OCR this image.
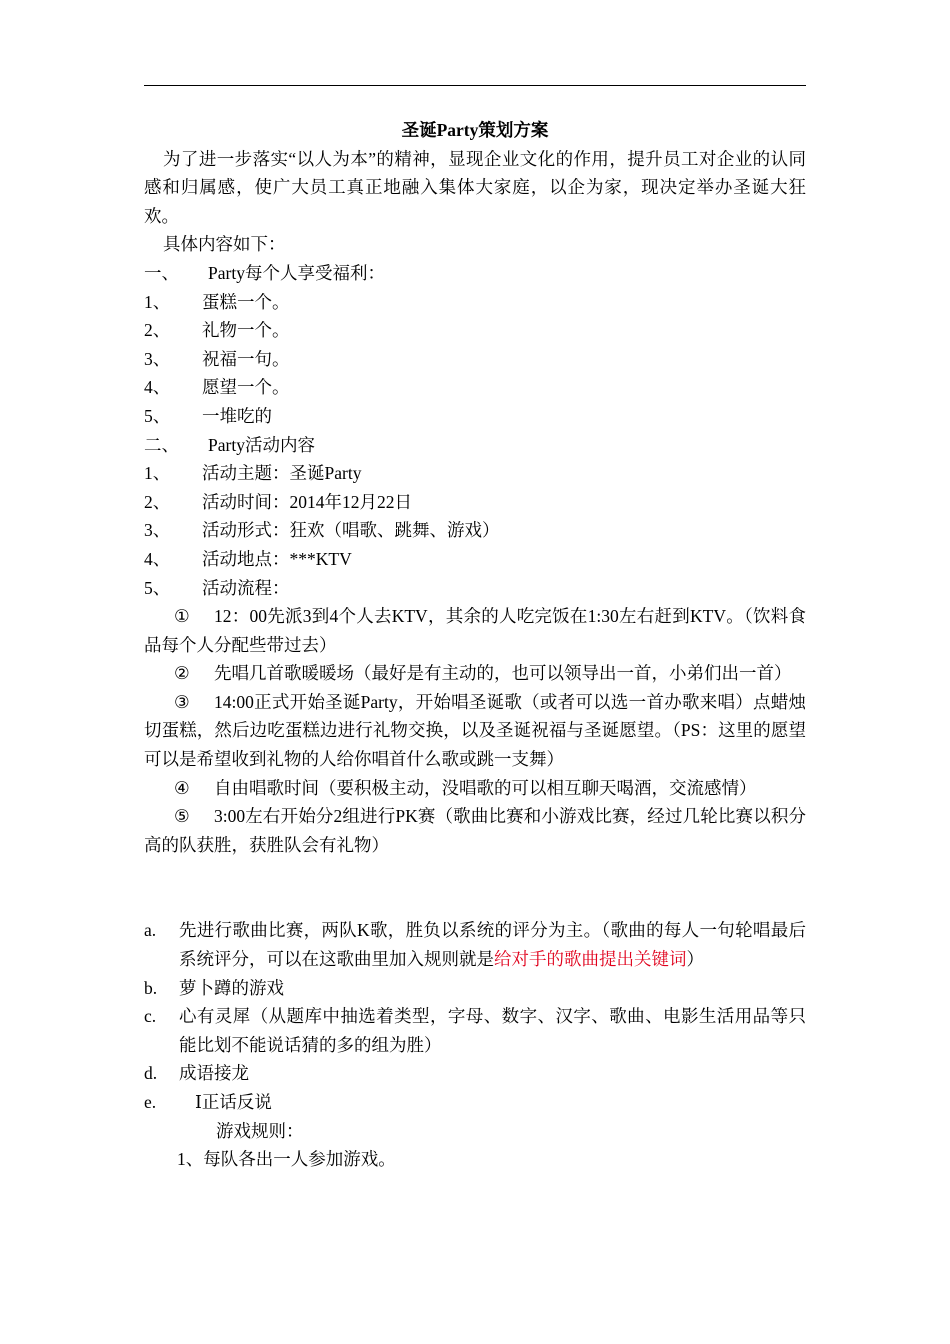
圣诞Party策划方案

为了进一步落实“以人为本”的精神，显现企业文化的作用，提升员工对企业的认同感和归属感，使广大员工真正地融入集体大家庭，以企为家，现决定举办圣诞大狂欢。

具体内容如下：

一、	Party每个人享受福利：
1、	蛋糕一个。
2、	礼物一个。
3、	祝福一句。
4、	愿望一个。
5、	一堆吃的
二、	Party活动内容
1、	活动主题：圣诞Party
2、	活动时间：2014年12月22日
3、	活动形式：狂欢（唱歌、跳舞、游戏）
4、	活动地点：***KTV
5、	活动流程：

① 12：00先派3到4个人去KTV，其余的人吃完饭在1:30左右赶到KTV。（饮料食品每个人分配些带过去）

② 先唱几首歌暖暖场（最好是有主动的，也可以领导出一首，小弟们出一首）

③ 14:00正式开始圣诞Party，开始唱圣诞歌（或者可以选一首办歌来唱）点蜡烛切蛋糕，然后边吃蛋糕边进行礼物交换，以及圣诞祝福与圣诞愿望。（PS：这里的愿望可以是希望收到礼物的人给你唱首什么歌或跳一支舞）

④ 自由唱歌时间（要积极主动，没唱歌的可以相互聊天喝酒，交流感情）

⑤ 3:00左右开始分2组进行PK赛（歌曲比赛和小游戏比赛，经过几轮比赛以积分高的队获胜，获胜队会有礼物）

a.	先进行歌曲比赛，两队K歌，胜负以系统的评分为主。（歌曲的每人一句轮唱最后系统评分，可以在这歌曲里加入规则就是给对手的歌曲提出关键词）
b.	萝卜蹲的游戏
c.	心有灵犀（从题库中抽选着类型，字母、数字、汉字、歌曲、电影生活用品等只能比划不能说话猜的多的组为胜）
d.	成语接龙
e.	Ⅰ正话反说

游戏规则：

1、每队各出一人参加游戏。
